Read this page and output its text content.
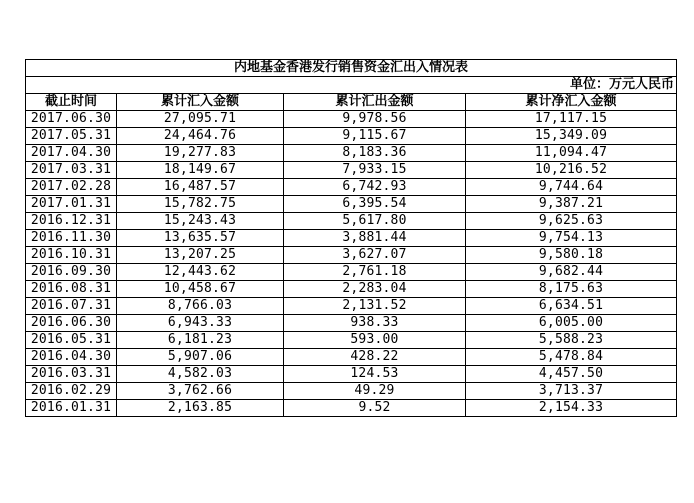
内地基金香港发行销售资金汇出入情况表			
单位：万元人民币			
截止时间	累计汇入金额	累计汇出金额	累计净汇入金额
2017.06.30	27,095.71	9,978.56	17,117.15
2017.05.31	24,464.76	9,115.67	15,349.09
2017.04.30	19,277.83	8,183.36	11,094.47
2017.03.31	18,149.67	7,933.15	10,216.52
2017.02.28	16,487.57	6,742.93	9,744.64
2017.01.31	15,782.75	6,395.54	9,387.21
2016.12.31	15,243.43	5,617.80	9,625.63
2016.11.30	13,635.57	3,881.44	9,754.13
2016.10.31	13,207.25	3,627.07	9,580.18
2016.09.30	12,443.62	2,761.18	9,682.44
2016.08.31	10,458.67	2,283.04	8,175.63
2016.07.31	8,766.03	2,131.52	6,634.51
2016.06.30	6,943.33	938.33	6,005.00
2016.05.31	6,181.23	593.00	5,588.23
2016.04.30	5,907.06	428.22	5,478.84
2016.03.31	4,582.03	124.53	4,457.50
2016.02.29	3,762.66	49.29	3,713.37
2016.01.31	2,163.85	9.52	2,154.33
